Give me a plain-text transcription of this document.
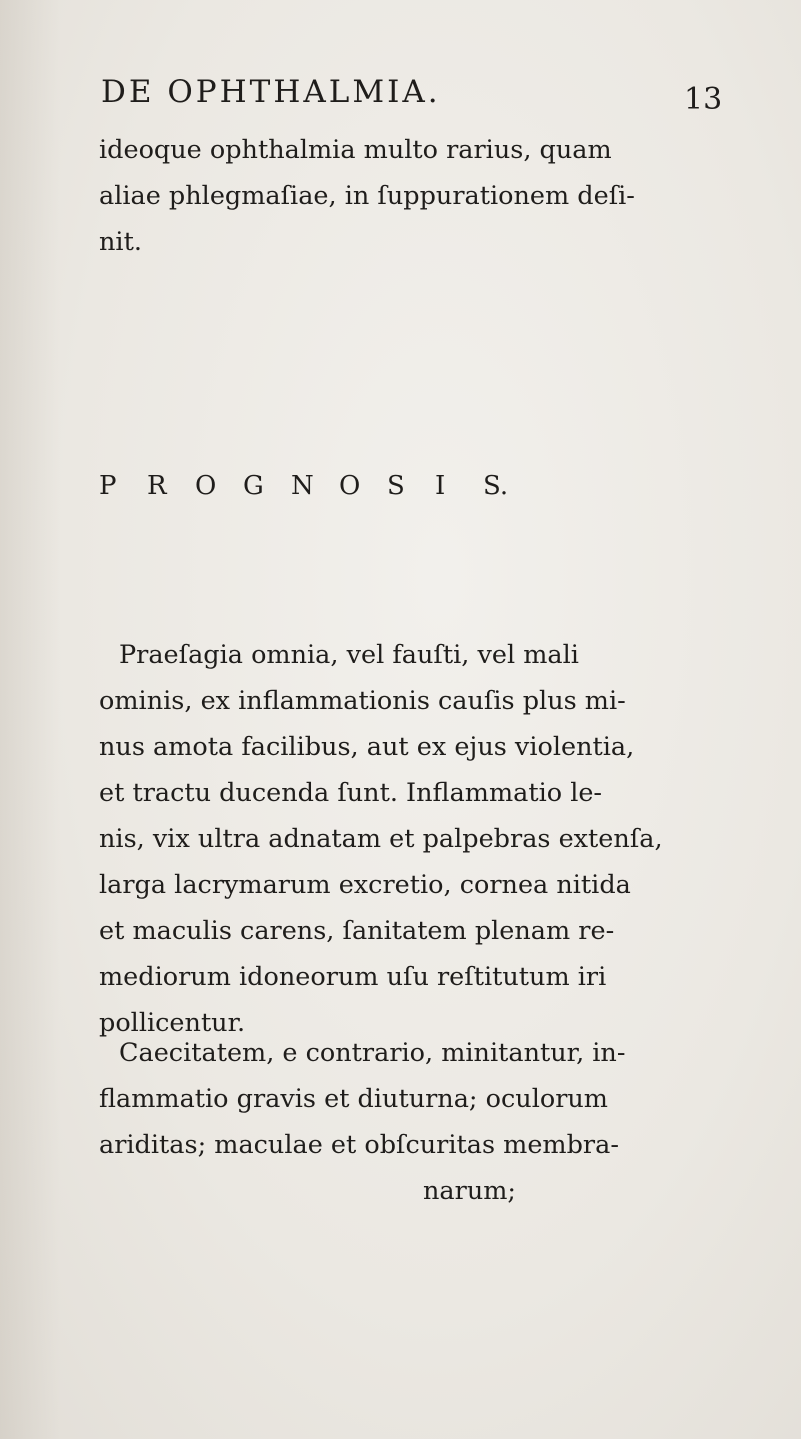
DE OPHTHALMIA.	13

ideoque ophthalmia multo rarius, quam
aliae phlegmaſiae, in ſuppurationem deſi-
nit.

P R O G N O S I S.

Praeſagia omnia, vel fauſti, vel mali
ominis, ex inflammationis cauſis plus mi-
nus amota facilibus, aut ex ejus violentia,
et tractu ducenda ſunt. Inflammatio le-
nis, vix ultra adnatam et palpebras extenſa,
larga lacrymarum excretio, cornea nitida
et maculis carens, ſanitatem plenam re-
mediorum idoneorum uſu reſtitutum iri
pollicentur.

Caecitatem, e contrario, minitantur, in-
flammatio gravis et diuturna; oculorum
ariditas; maculae et obſcuritas membra-
narum;
